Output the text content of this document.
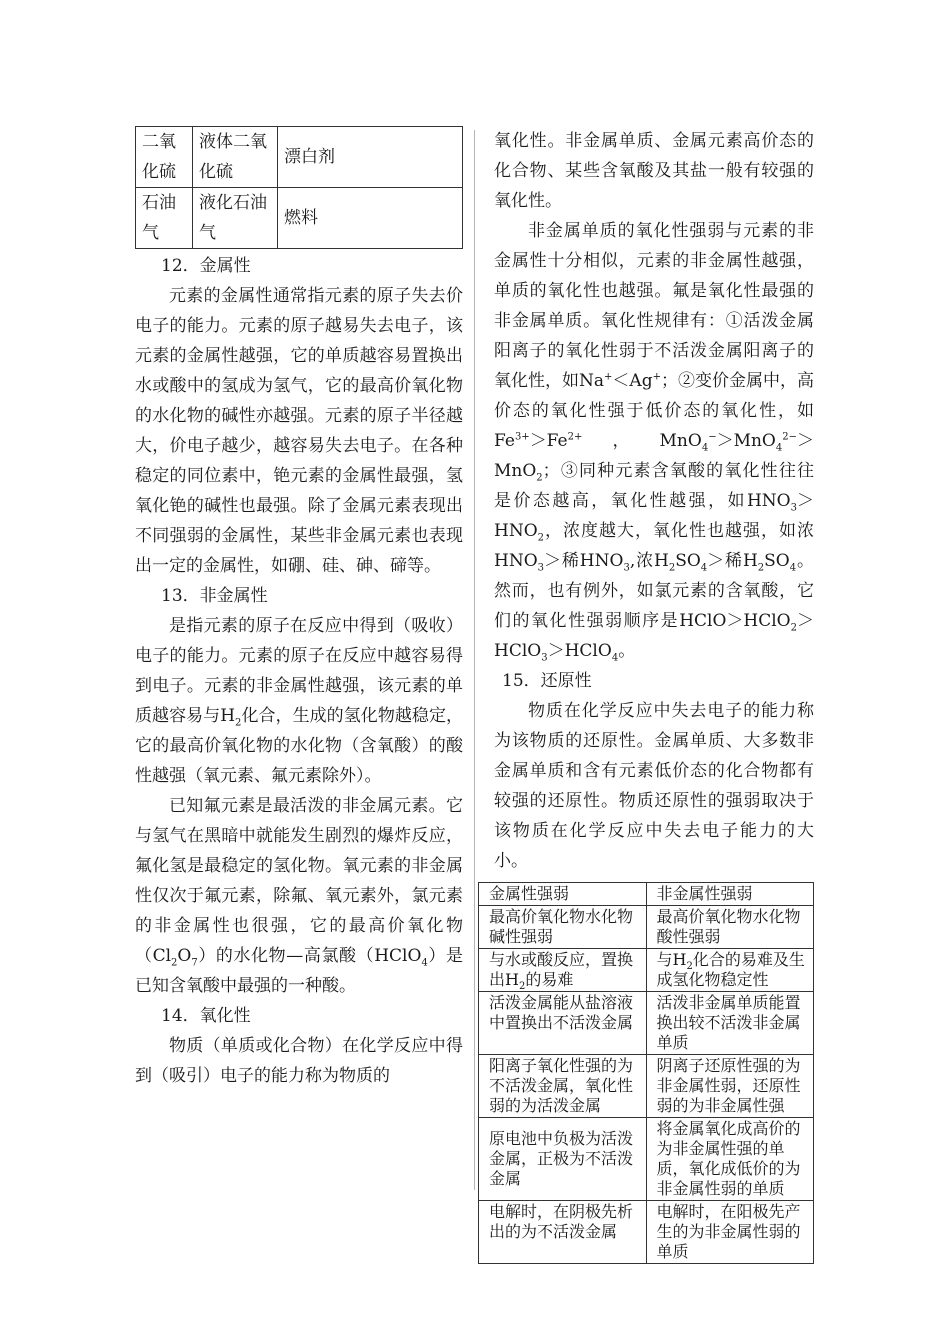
二氧化硫	液体二氧化硫	漂白剂
石油气	液化石油气	燃料

12．金属性

元素的金属性通常指元素的原子失去价电子的能力。元素的原子越易失去电子，该元素的金属性越强，它的单质越容易置换出水或酸中的氢成为氢气，它的最高价氧化物的水化物的碱性亦越强。元素的原子半径越大，价电子越少，越容易失去电子。在各种稳定的同位素中，铯元素的金属性最强，氢氧化铯的碱性也最强。除了金属元素表现出不同强弱的金属性，某些非金属元素也表现出一定的金属性，如硼、硅、砷、碲等。

13．非金属性

是指元素的原子在反应中得到（吸收）电子的能力。元素的原子在反应中越容易得到电子。元素的非金属性越强，该元素的单质越容易与$H_2$化合，生成的氢化物越稳定，它的最高价氧化物的水化物（含氧酸）的酸性越强（氧元素、氟元素除外）。

已知氟元素是最活泼的非金属元素。它与氢气在黑暗中就能发生剧烈的爆炸反应，氟化氢是最稳定的氢化物。氧元素的非金属性仅次于氟元素，除氟、氧元素外，氯元素的非金属性也很强，它的最高价氧化物$(Cl_2O_7)$的水化物—高氯酸（HClO$_4$）是已知含氧酸中最强的一种酸。

14．氧化性

物质（单质或化合物）在化学反应中得到（吸引）电子的能力称为物质的

氧化性。非金属单质、金属元素高价态的化合物、某些含氧酸及其盐一般有较强的氧化性。

非金属单质的氧化性强弱与元素的非金属性十分相似，元素的非金属性越强，单质的氧化性也越强。氟是氧化性最强的非金属单质。氧化性规律有：①活泼金属阳离子的氧化性弱于不活泼金属阳离子的氧化性，如Na+＜Ag+；②变价金属中，高价态的氧化性强于低价态的氧化性，如$Fe^{3+}>Fe^{2+}$，MnO$_4$−＞MnO$_4^{2-}$＞MnO$_2$；③同种元素含氧酸的氧化性往往是价态越高，氧化性越强，如$HNO_3>HNO_2$，浓度越大，氧化性也越强，如浓$HNO_3>$稀$HNO_3$,浓$H_2SO_4>$稀$H_2SO_4$。然而，也有例外，如氯元素的含氧酸，它们的氧化性强弱顺序是HClO＞HClO$_2$＞HClO$_3$＞HClO$_4$。

15．还原性

物质在化学反应中失去电子的能力称为该物质的还原性。金属单质、大多数非金属单质和含有元素低价态的化合物都有较强的还原性。物质还原性的强弱取决于该物质在化学反应中失去电子能力的大小。

金属性强弱	非金属性强弱
最高价氧化物水化物碱性强弱	最高价氧化物水化物酸性强弱
与水或酸反应，置换出$H_2$的易难	与$H_2$化合的易难及生成氢化物稳定性
活泼金属能从盐溶液中置换出不活泼金属	活泼非金属单质能置换出较不活泼非金属单质
阳离子氧化性强的为不活泼金属，氧化性弱的为活泼金属	阴离子还原性强的为非金属性弱，还原性弱的为非金属性强
原电池中负极为活泼金属，正极为不活泼金属	将金属氧化成高价的为非金属性强的单质，氧化成低价的为非金属性弱的单质
电解时，在阴极先析出的为不活泼金属	电解时，在阳极先产生的为非金属性弱的单质
